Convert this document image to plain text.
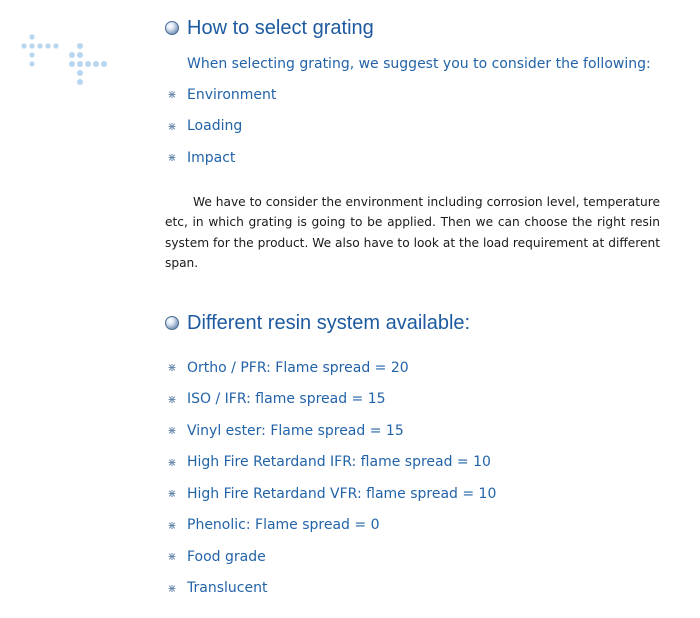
How to select grating
When selecting grating, we suggest you to consider the following:
⋇ Environment
⋇ Loading
⋇ Impact

We have to consider the environment including corrosion level, temperature etc, in which grating is going to be applied. Then we can choose the right resin system for the product. We also have to look at the load requirement at different span.

Different resin system available:
⋇ Ortho / PFR: Flame spread = 20
⋇ ISO / IFR: flame spread = 15
⋇ Vinyl ester: Flame spread = 15
⋇ High Fire Retardand IFR: flame spread = 10
⋇ High Fire Retardand VFR: flame spread = 10
⋇ Phenolic: Flame spread = 0
⋇ Food grade
⋇ Translucent
